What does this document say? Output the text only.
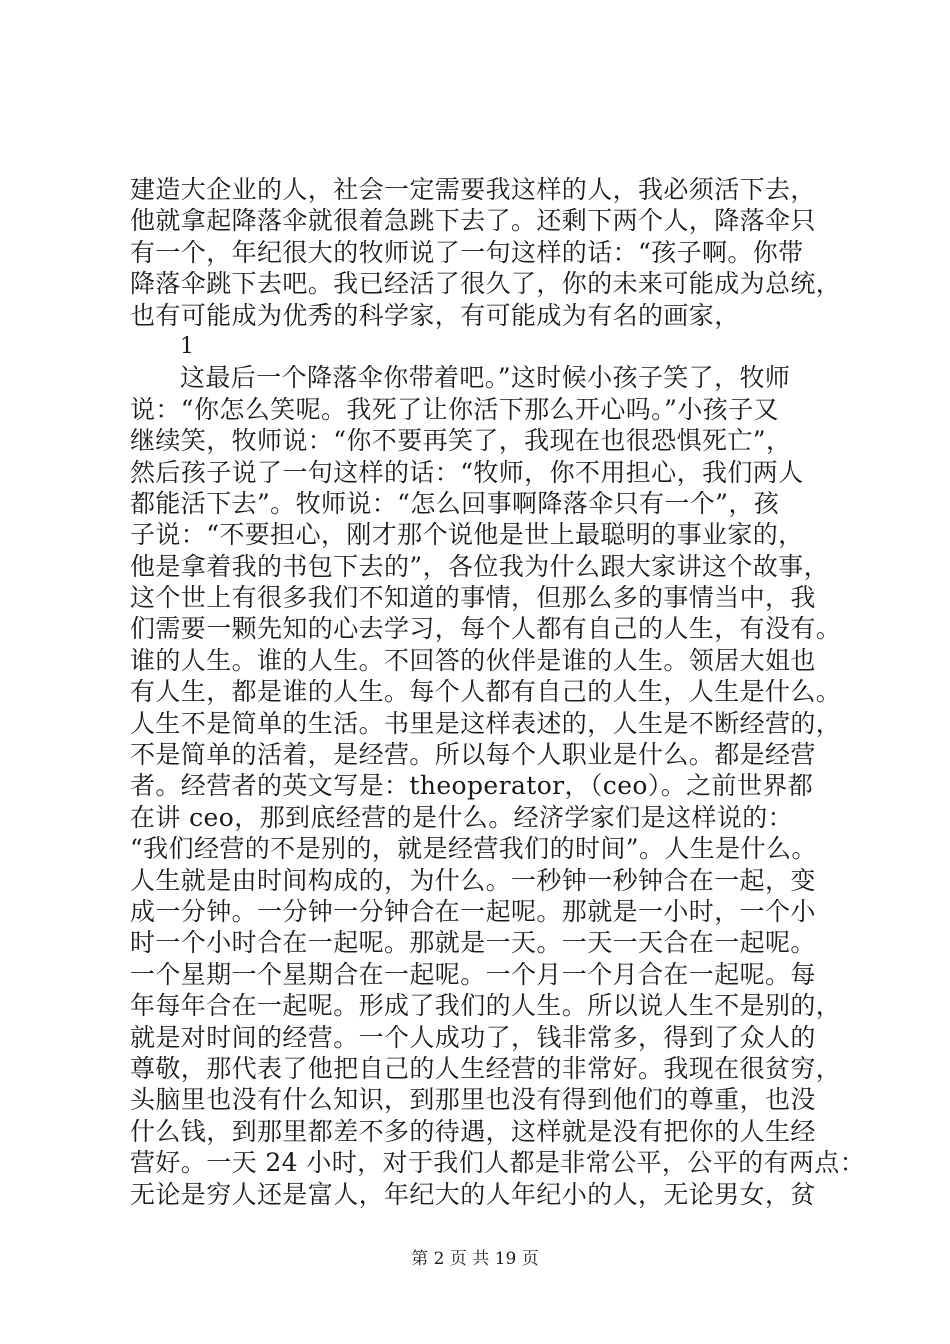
建造大企业的人，社会一定需要我这样的人，我必须活下去，
他就拿起降落伞就很着急跳下去了。还剩下两个人，降落伞只
有一个，年纪很大的牧师说了一句这样的话：“孩子啊。你带
降落伞跳下去吧。我已经活了很久了，你的未来可能成为总统，
也有可能成为优秀的科学家，有可能成为有名的画家，
1
这最后一个降落伞你带着吧。”这时候小孩子笑了，牧师
说：“你怎么笑呢。我死了让你活下那么开心吗。”小孩子又
继续笑，牧师说：“你不要再笑了，我现在也很恐惧死亡”，
然后孩子说了一句这样的话：“牧师，你不用担心，我们两人
都能活下去”。牧师说：“怎么回事啊降落伞只有一个”，孩
子说：“不要担心，刚才那个说他是世上最聪明的事业家的，
他是拿着我的书包下去的”，各位我为什么跟大家讲这个故事，
这个世上有很多我们不知道的事情，但那么多的事情当中，我
们需要一颗先知的心去学习，每个人都有自己的人生，有没有。
谁的人生。谁的人生。不回答的伙伴是谁的人生。领居大姐也
有人生，都是谁的人生。每个人都有自己的人生，人生是什么。
人生不是简单的生活。书里是这样表述的，人生是不断经营的，
不是简单的活着，是经营。所以每个人职业是什么。都是经营
者。经营者的英文写是：theoperator，（ceo）。之前世界都
在讲 ceo，那到底经营的是什么。经济学家们是这样说的：
“我们经营的不是别的，就是经营我们的时间”。人生是什么。
人生就是由时间构成的，为什么。一秒钟一秒钟合在一起，变
成一分钟。一分钟一分钟合在一起呢。那就是一小时，一个小
时一个小时合在一起呢。那就是一天。一天一天合在一起呢。
一个星期一个星期合在一起呢。一个月一个月合在一起呢。每
年每年合在一起呢。形成了我们的人生。所以说人生不是别的，
就是对时间的经营。一个人成功了，钱非常多，得到了众人的
尊敬，那代表了他把自己的人生经营的非常好。我现在很贫穷，
头脑里也没有什么知识，到那里也没有得到他们的尊重，也没
什么钱，到那里都差不多的待遇，这样就是没有把你的人生经
营好。一天 24 小时，对于我们人都是非常公平，公平的有两点：
无论是穷人还是富人，年纪大的人年纪小的人，无论男女，贫
第 2 页 共 19 页
